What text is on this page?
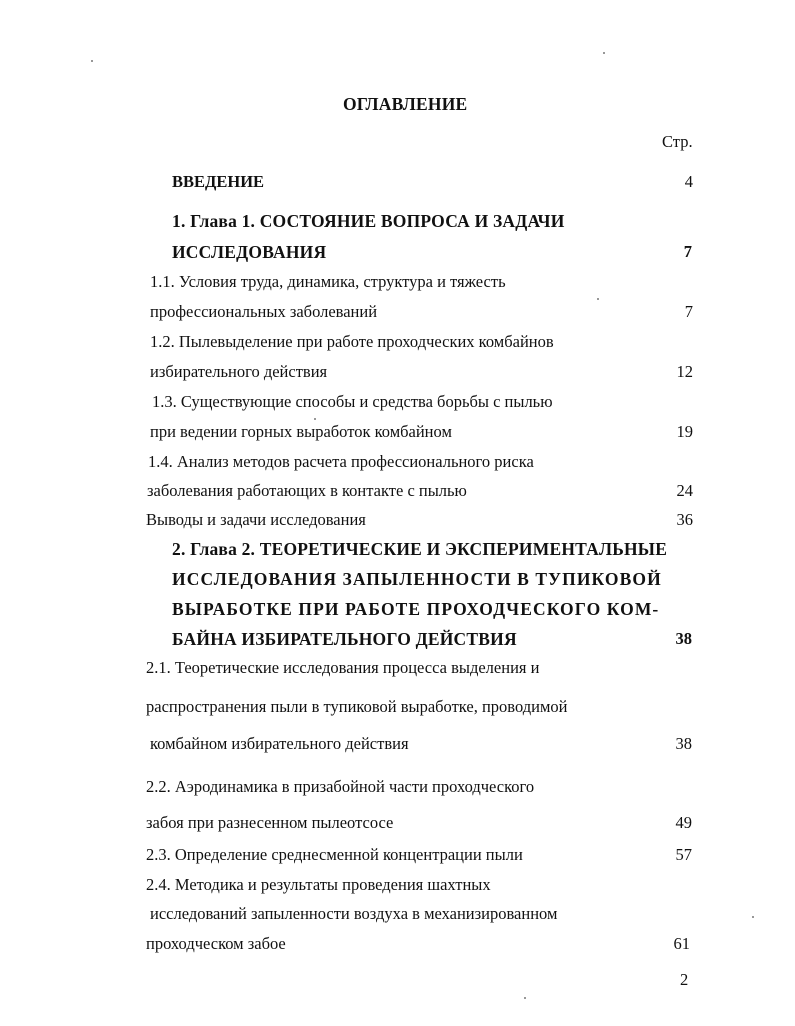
ОГЛАВЛЕНИЕ
Стр.
ВВЕДЕНИЕ	4
1. Глава 1. СОСТОЯНИЕ ВОПРОСА И ЗАДАЧИ
ИССЛЕДОВАНИЯ	7
1.1. Условия труда, динамика, структура и тяжесть
профессиональных заболеваний	7
1.2. Пылевыделение при работе проходческих комбайнов
избирательного действия	12
1.3. Существующие способы и средства борьбы с пылью
при ведении горных выработок комбайном	19
1.4. Анализ методов расчета профессионального риска
заболевания работающих в контакте с пылью	24
Выводы и задачи исследования	36
2. Глава 2. ТЕОРЕТИЧЕСКИЕ И ЭКСПЕРИМЕНТАЛЬНЫЕ
ИССЛЕДОВАНИЯ ЗАПЫЛЕННОСТИ В ТУПИКОВОЙ
ВЫРАБОТКЕ ПРИ РАБОТЕ ПРОХОДЧЕСКОГО КОМ-
БАЙНА ИЗБИРАТЕЛЬНОГО ДЕЙСТВИЯ	38
2.1. Теоретические исследования процесса выделения и
распространения пыли в тупиковой выработке, проводимой
комбайном избирательного действия	38
2.2. Аэродинамика в призабойной части проходческого
забоя при разнесенном пылеотсосе	49
2.3. Определение среднесменной концентрации пыли	57
2.4. Методика и результаты проведения шахтных
исследований запыленности воздуха в механизированном
проходческом забое	61
2
